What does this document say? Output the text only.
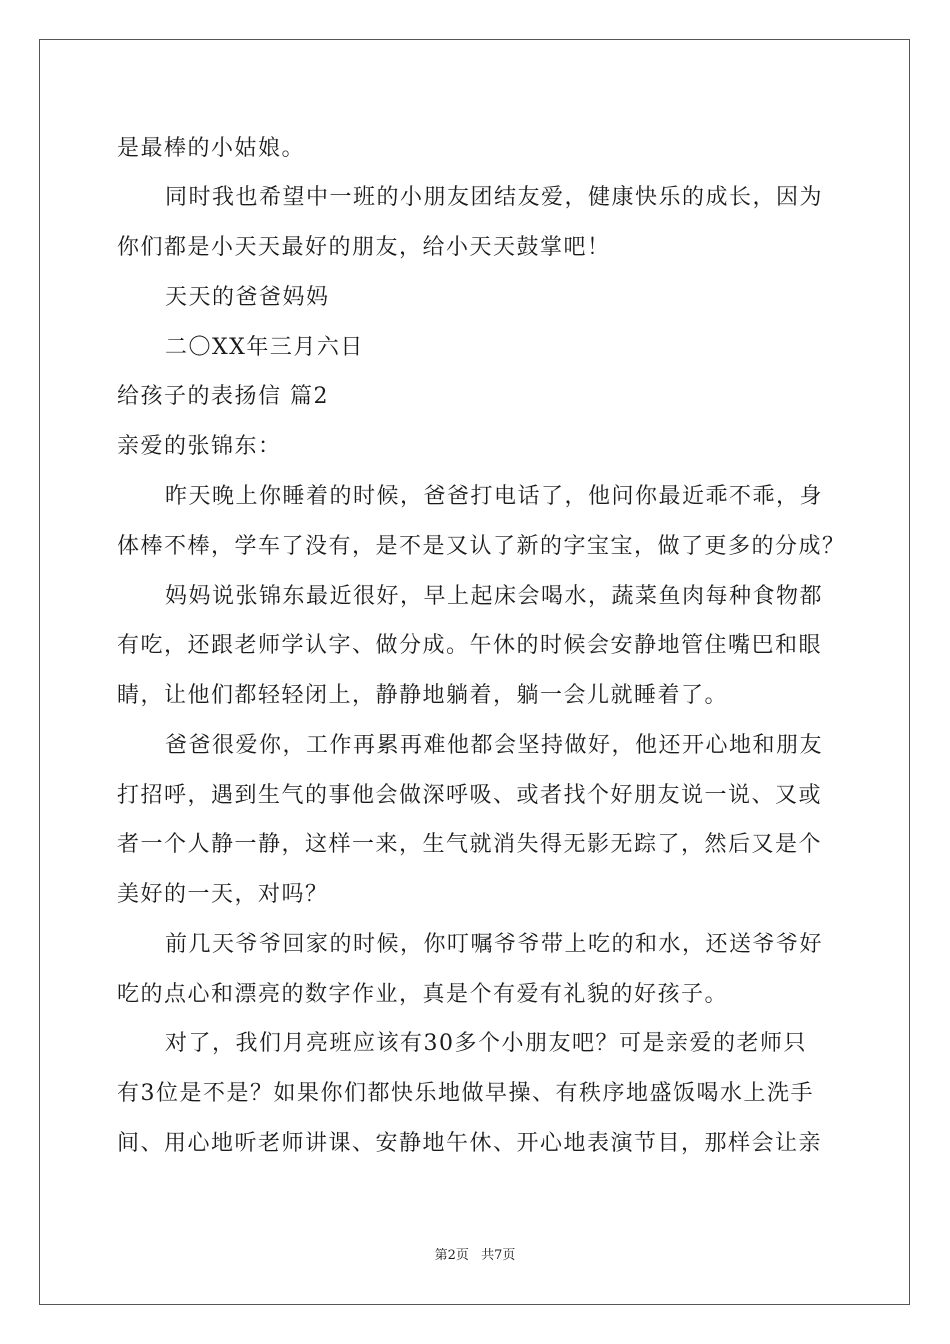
是最棒的小姑娘。
同时我也希望中一班的小朋友团结友爱，健康快乐的成长，因为
你们都是小天天最好的朋友，给小天天鼓掌吧！
天天的爸爸妈妈
二〇XX年三月六日
给孩子的表扬信 篇2
亲爱的张锦东：
昨天晚上你睡着的时候，爸爸打电话了，他问你最近乖不乖，身
体棒不棒，学车了没有，是不是又认了新的字宝宝，做了更多的分成？
妈妈说张锦东最近很好，早上起床会喝水，蔬菜鱼肉每种食物都
有吃，还跟老师学认字、做分成。午休的时候会安静地管住嘴巴和眼
睛，让他们都轻轻闭上，静静地躺着，躺一会儿就睡着了。
爸爸很爱你，工作再累再难他都会坚持做好，他还开心地和朋友
打招呼，遇到生气的事他会做深呼吸、或者找个好朋友说一说、又或
者一个人静一静，这样一来，生气就消失得无影无踪了，然后又是个
美好的一天，对吗？
前几天爷爷回家的时候，你叮嘱爷爷带上吃的和水，还送爷爷好
吃的点心和漂亮的数字作业，真是个有爱有礼貌的好孩子。
对了，我们月亮班应该有30多个小朋友吧？可是亲爱的老师只
有3位是不是？如果你们都快乐地做早操、有秩序地盛饭喝水上洗手
间、用心地听老师讲课、安静地午休、开心地表演节目，那样会让亲
第2页 共7页
